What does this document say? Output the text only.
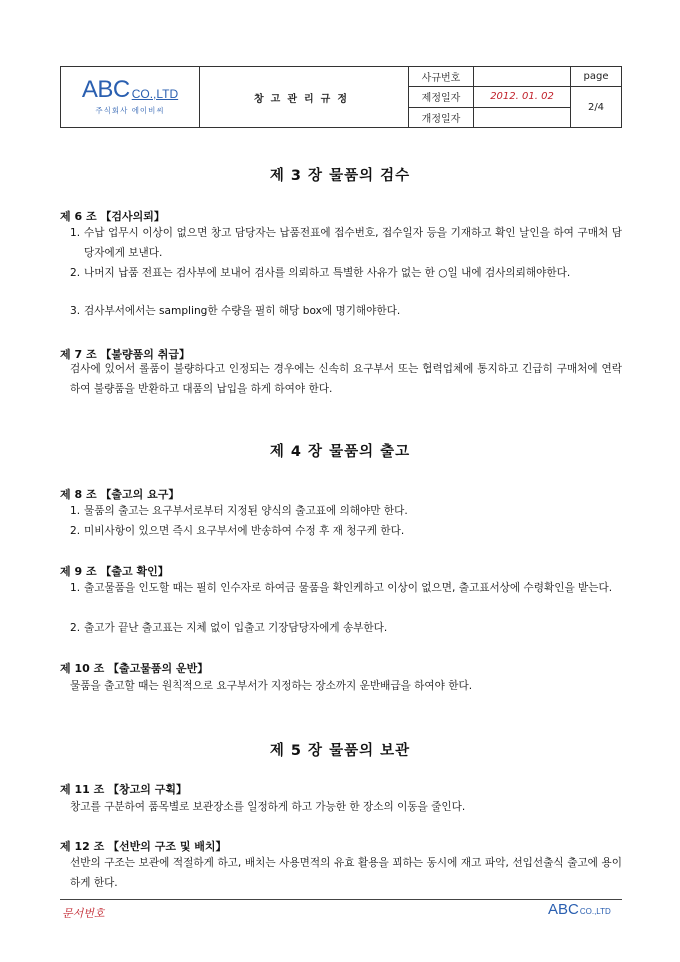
ABC CO.,LTD
주식회사 에이비씨	창고관리규정	사규번호		page
		제정일자	2012. 01. 02	2/4
		개정일자		
제 3 장 물품의 검수
제 6 조 【검사의뢰】
1. 수납 업무시 이상이 없으면 창고 담당자는 납품전표에 접수번호, 접수일자 등을 기재하고 확인 날인을 하여 구매처 담당자에게 보낸다.
2. 나머지 납품 전표는 검사부에 보내어 검사를 의뢰하고 특별한 사유가 없는 한 ○일 내에 검사의뢰해야한다.
3. 검사부서에서는 sampling한 수량을 필히 해당 box에 명기해야한다.
제 7 조 【불량품의 취급】
검사에 있어서 롤품이 불량하다고 인정되는 경우에는 신속히 요구부서 또는 협력업체에 통지하고 긴급히 구매처에 연락하여 불량품을 반환하고 대품의 납입을 하게 하여야 한다.
제 4 장 물품의 출고
제 8 조 【출고의 요구】
1. 물품의 출고는 요구부서로부터 지정된 양식의 출고표에 의해야만 한다.
2. 미비사항이 있으면 즉시 요구부서에 반송하여 수정 후 재 청구케 한다.
제 9 조 【출고 확인】
1. 출고물품을 인도할 때는 필히 인수자로 하여금 물품을 확인케하고 이상이 없으면, 출고표서상에 수령확인을 받는다.
2. 출고가 끝난 출고표는 지체 없이 입출고 기장담당자에게 송부한다.
제 10 조 【출고물품의 운반】
물품을 출고할 때는 원칙적으로 요구부서가 지정하는 장소까지 운반배급을 하여야 한다.
제 5 장 물품의 보관
제 11 조 【창고의 구획】
창고를 구분하여 품목별로 보관장소를 일정하게 하고 가능한 한 장소의 이동을 줄인다.
제 12 조 【선반의 구조 및 배치】
선반의 구조는 보관에 적절하게 하고, 배치는 사용면적의 유효 활용을 꾀하는 동시에 재고 파악, 선입선출식 출고에 용이하게 한다.
문서번호	ABC CO.,LTD
